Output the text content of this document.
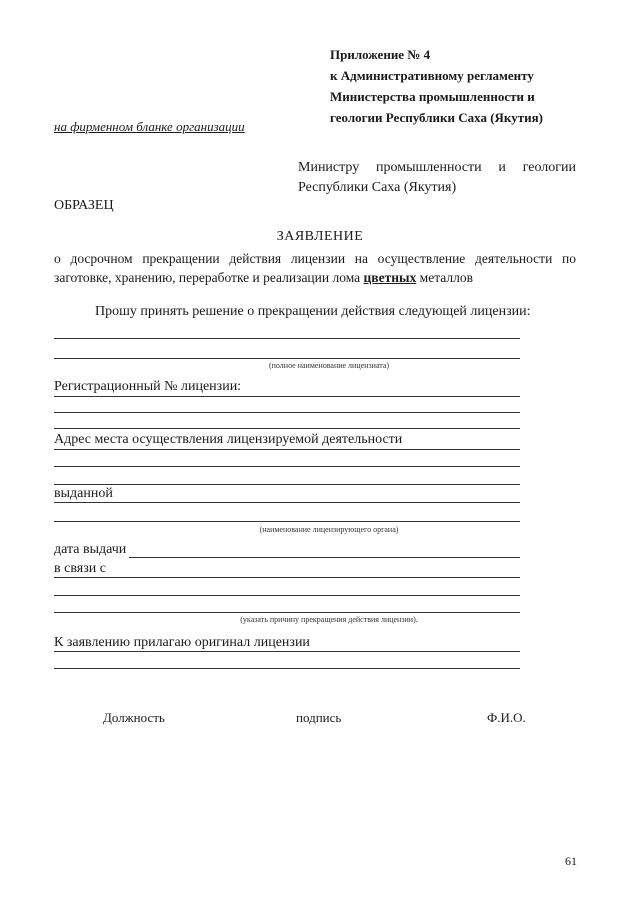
Приложение № 4
к Административному регламенту
Министерства промышленности и
геологии Республики Саха (Якутия)
на фирменном бланке организации
Министру промышленности и геологии
Республики Саха (Якутия)
ОБРАЗЕЦ
ЗАЯВЛЕНИЕ
о досрочном прекращении действия лицензии на осуществление деятельности по
заготовке, хранению, переработке и реализации лома цветных металлов
Прошу принять решение о прекращении действия следующей лицензии:
(полное наименование лицензиата)
Регистрационный № лицензии:
Адрес места осуществления лицензируемой деятельности
выданной
(наименование лицензирующего органа)
дата выдачи
в связи с
(указать причину прекращения действия лицензии).
К заявлению прилагаю оригинал лицензии
Должность	подпись	Ф.И.О.
61
